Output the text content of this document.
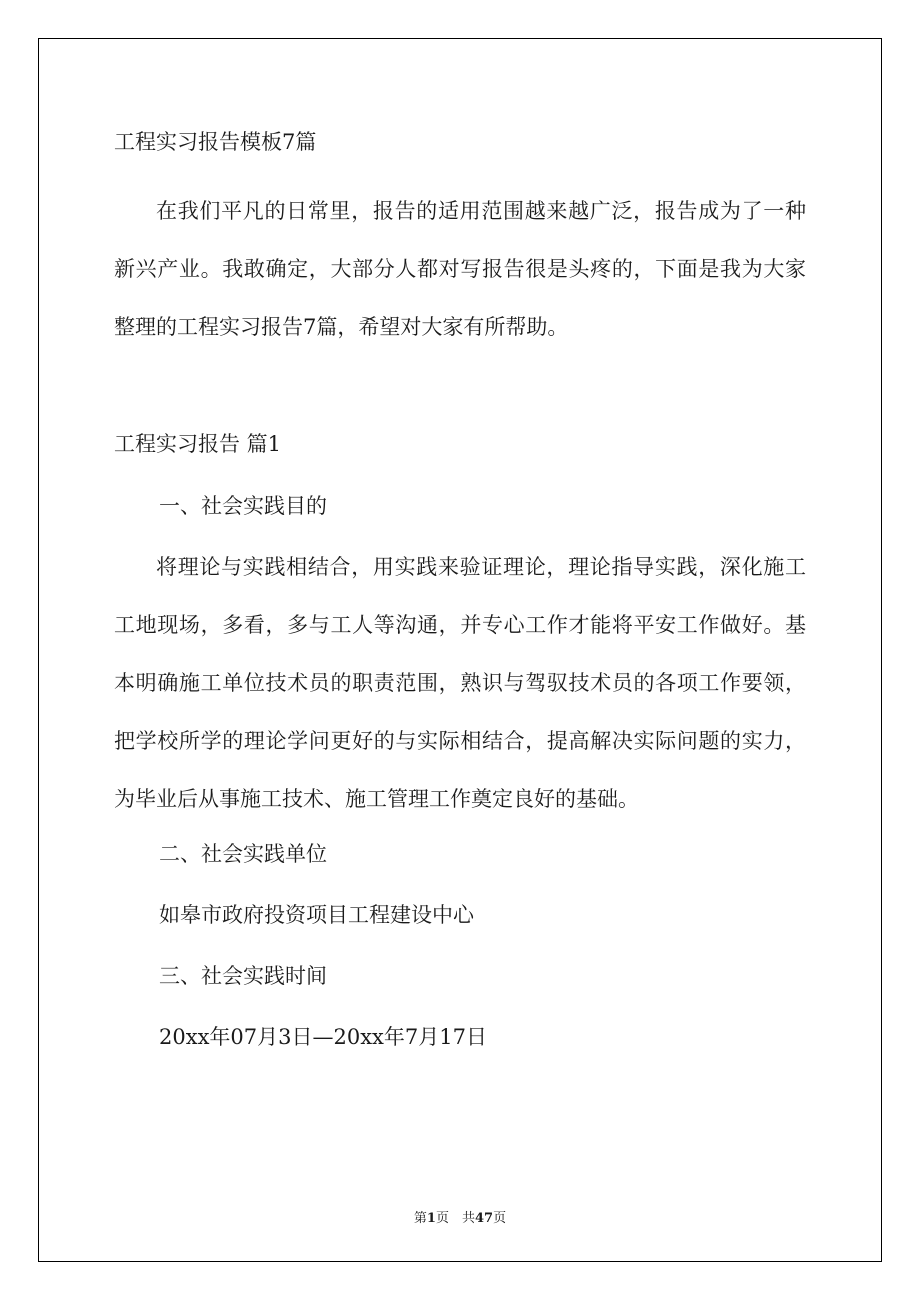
工程实习报告模板7篇

在我们平凡的日常里，报告的适用范围越来越广泛，报告成为了一种新兴产业。我敢确定，大部分人都对写报告很是头疼的，下面是我为大家整理的工程实习报告7篇，希望对大家有所帮助。

工程实习报告 篇1
一、社会实践目的

将理论与实践相结合，用实践来验证理论，理论指导实践，深化施工工地现场，多看，多与工人等沟通，并专心工作才能将平安工作做好。基本明确施工单位技术员的职责范围，熟识与驾驭技术员的各项工作要领，把学校所学的理论学问更好的与实际相结合，提高解决实际问题的实力，为毕业后从事施工技术、施工管理工作奠定良好的基础。

二、社会实践单位
如皋市政府投资项目工程建设中心
三、社会实践时间
20xx年07月3日—20xx年7月17日
第1页　共47页
